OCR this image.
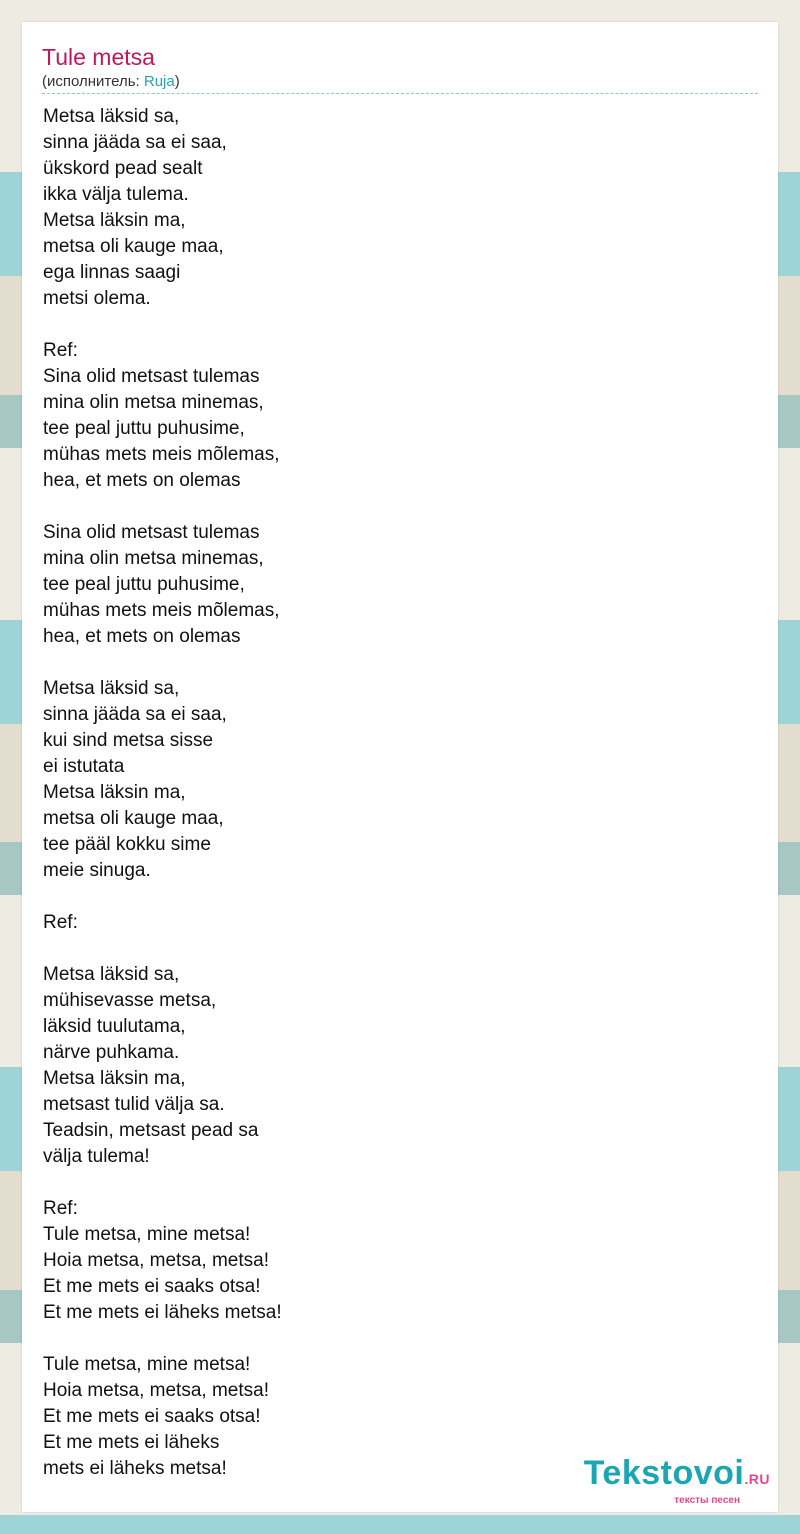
Tule metsa
(исполнитель: Ruja)
Metsa läksid sa,
sinna jääda sa ei saa,
ükskord pead sealt
ikka välja tulema.
Metsa läksin ma,
metsa oli kauge maa,
ega linnas saagi
metsi olema.
Ref:
Sina olid metsast tulemas
mina olin metsa minemas,
tee peal juttu puhusime,
mühas mets meis mõlemas,
hea, et mets on olemas
Sina olid metsast tulemas
mina olin metsa minemas,
tee peal juttu puhusime,
mühas mets meis mõlemas,
hea, et mets on olemas
Metsa läksid sa,
sinna jääda sa ei saa,
kui sind metsa sisse
ei istutata
Metsa läksin ma,
metsa oli kauge maa,
tee pääl kokku sime
meie sinuga.
Ref:
Metsa läksid sa,
mühisevasse metsa,
läksid tuulutama,
närve puhkama.
Metsa läksin ma,
metsast tulid välja sa.
Teadsin, metsast pead sa
välja tulema!
Ref:
Tule metsa, mine metsa!
Hoia metsa, metsa, metsa!
Et me mets ei saaks otsa!
Et me mets ei läheks metsa!
Tule metsa, mine metsa!
Hoia metsa, metsa, metsa!
Et me mets ei saaks otsa!
Et me mets ei läheks
mets ei läheks metsa!	Tekstovoi.RU
тексты песен
